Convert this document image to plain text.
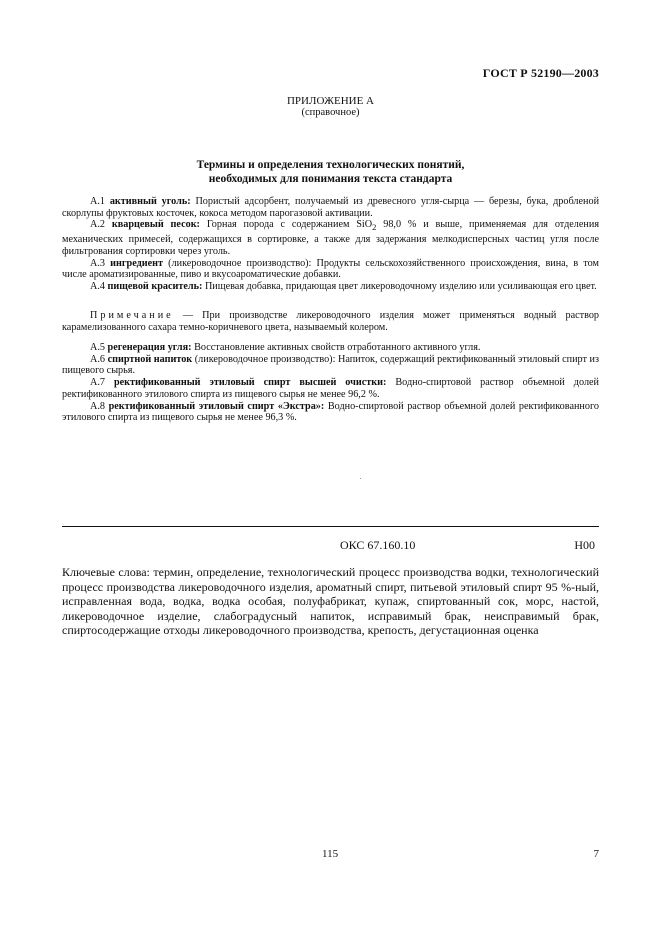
ГОСТ Р 52190—2003
ПРИЛОЖЕНИЕ А
(справочное)
Термины и определения технологических понятий,
необходимых для понимания текста стандарта

А.1 активный уголь: Пористый адсорбент, получаемый из древесного угля-сырца — березы, бука, дробленой скорлупы фруктовых косточек, кокоса методом парогазовой активации.

А.2 кварцевый песок: Горная порода с содержанием SiO$_2$ 98,0 % и выше, применяемая для отделения механических примесей, содержащихся в сортировке, а также для задержания мелкодисперсных частиц угля после фильтрования сортировки через уголь.

А.3 ингредиент (ликероводочное производство): Продукты сельскохозяйственного происхождения, вина, в том числе ароматизированные, пиво и вкусоароматические добавки.

А.4 пищевой краситель: Пищевая добавка, придающая цвет ликероводочному изделию или усиливающая его цвет.

Примечание — При производстве ликероводочного изделия может применяться водный раствор карамелизованного сахара темно-коричневого цвета, называемый колером.

А.5 регенерация угля: Восстановление активных свойств отработанного активного угля.

А.6 спиртной напиток (ликероводочное производство): Напиток, содержащий ректификованный этиловый спирт из пищевого сырья.

А.7 ректификованный этиловый спирт высшей очистки: Водно-спиртовой раствор объемной долей ректификованного этилового спирта из пищевого сырья не менее 96,2 %.

А.8 ректификованный этиловый спирт «Экстра»: Водно-спиртовой раствор объемной долей ректификованного этилового спирта из пищевого сырья не менее 96,3 %.

ОКС 67.160.10	Н00
Ключевые слова: термин, определение, технологический процесс производства водки, технологический процесс производства ликероводочного изделия, ароматный спирт, питьевой этиловый спирт 95 %-ный, исправленная вода, водка, водка особая, полуфабрикат, купаж, спиртованный сок, морс, настой, ликероводочное изделие, слабоградусный напиток, исправимый брак, неисправимый брак, спиртосодержащие отходы ликероводочного производства, крепость, дегустационная оценка
115	7
